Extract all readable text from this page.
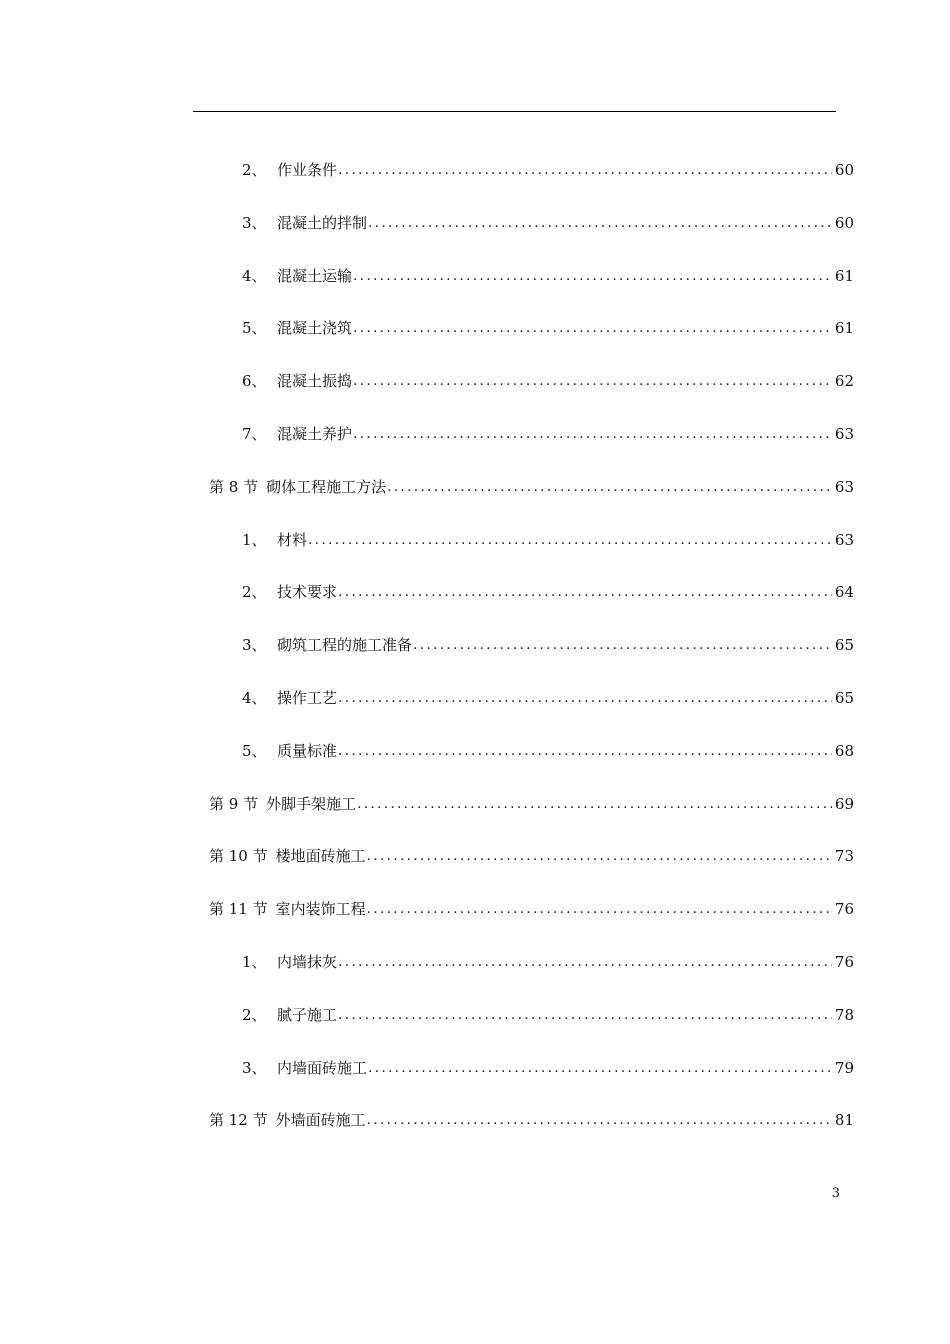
2、 作业条件 .....	60
3、 混凝土的拌制 .....	60
4、 混凝土运输 .....	61
5、 混凝土浇筑 .....	61
6、 混凝土振捣 .....	62
7、 混凝土养护 .....	63
第 8 节 砌体工程施工方法 .....	63
1、 材料 .....	63
2、 技术要求 .....	64
3、 砌筑工程的施工准备 .....	65
4、 操作工艺 .....	65
5、 质量标准 .....	68
第 9 节 外脚手架施工 .....	69
第 10 节 楼地面砖施工 .....	73
第 11 节 室内装饰工程 .....	76
1、 内墙抹灰 .....	76
2、 腻子施工 .....	78
3、 内墙面砖施工 .....	79
第 12 节 外墙面砖施工 .....	81
3
